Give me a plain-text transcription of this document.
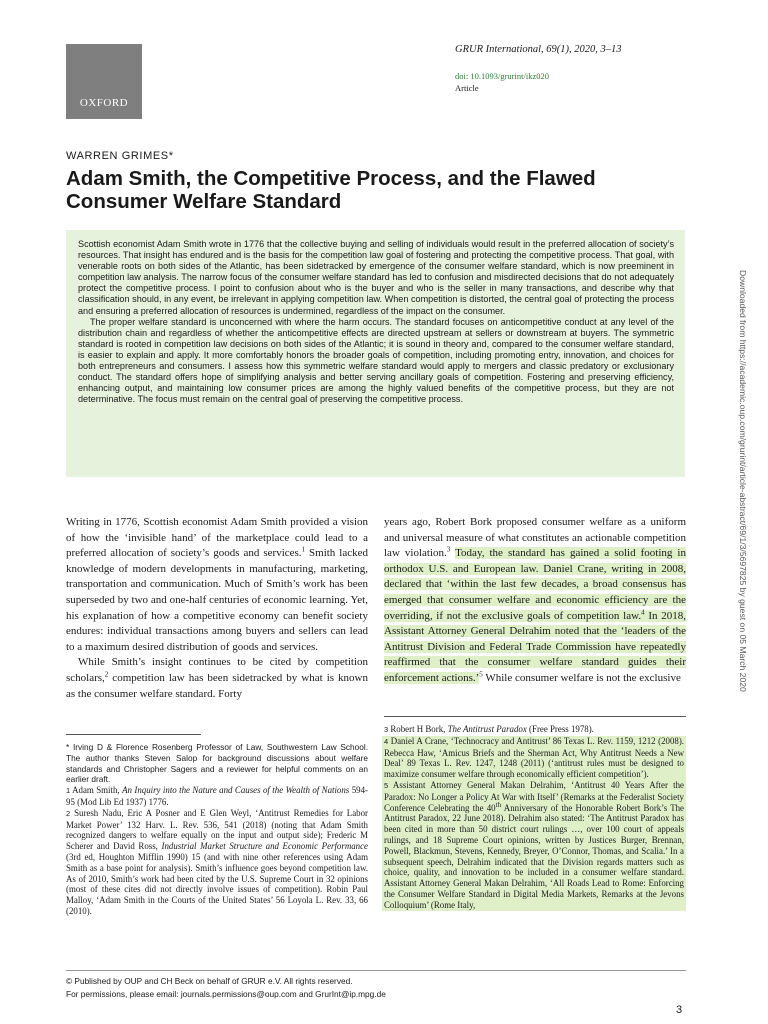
OXFORD
GRUR International, 69(1), 2020, 3–13
doi: 10.1093/grurint/ikz020
Article
WARREN GRIMES*
Adam Smith, the Competitive Process, and the Flawed Consumer Welfare Standard

Scottish economist Adam Smith wrote in 1776 that the collective buying and selling of individuals would result in the preferred allocation of society’s resources. That insight has endured and is the basis for the competition law goal of fostering and protecting the competitive process. That goal, with venerable roots on both sides of the Atlantic, has been sidetracked by emergence of the consumer welfare standard, which is now preeminent in competition law analysis. The narrow focus of the consumer welfare standard has led to confusion and misdirected decisions that do not adequately protect the competitive process. I point to confusion about who is the buyer and who is the seller in many transactions, and describe why that classification should, in any event, be irrelevant in applying competition law. When competition is distorted, the central goal of protecting the process and ensuring a preferred allocation of resources is undermined, regardless of the impact on the consumer.

The proper welfare standard is unconcerned with where the harm occurs. The standard focuses on anticompetitive conduct at any level of the distribution chain and regardless of whether the anticompetitive effects are directed upstream at sellers or downstream at buyers. The symmetric standard is rooted in competition law decisions on both sides of the Atlantic; it is sound in theory and, compared to the consumer welfare standard, is easier to explain and apply. It more comfortably honors the broader goals of competition, including promoting entry, innovation, and choices for both entrepreneurs and consumers. I assess how this symmetric welfare standard would apply to mergers and classic predatory or exclusionary conduct. The standard offers hope of simplifying analysis and better serving ancillary goals of competition. Fostering and preserving efficiency, enhancing output, and maintaining low consumer prices are among the highly valued benefits of the competitive process, but they are not determinative. The focus must remain on the central goal of preserving the competitive process.	Downloaded from https://academic.oup.com/grurint/article-abstract/69/1/3/5697825 by guest on 05 March 2020

Writing in 1776, Scottish economist Adam Smith provided a vision of how the ‘invisible hand’ of the marketplace could lead to a preferred allocation of society’s goods and services.$^1$ Smith lacked knowledge of modern developments in manufacturing, marketing, transportation and communication. Much of Smith’s work has been superseded by two and one-half centuries of economic learning. Yet, his explanation of how a competitive economy can benefit society endures: individual transactions among buyers and sellers can lead to a maximum desired distribution of goods and services.

While Smith’s insight continues to be cited by competition scholars,$^2$ competition law has been sidetracked by what is known as the consumer welfare standard. Forty

years ago, Robert Bork proposed consumer welfare as a uniform and universal measure of what constitutes an actionable competition law violation.$^3$ Today, the standard has gained a solid footing in orthodox U.S. and European law. Daniel Crane, writing in 2008, declared that ‘within the last few decades, a broad consensus has emerged that consumer welfare and economic efficiency are the overriding, if not the exclusive goals of competition law.$^4$ In 2018, Assistant Attorney General Delrahim noted that the ‘leaders of the Antitrust Division and Federal Trade Commission have repeatedly reaffirmed that the consumer welfare standard guides their enforcement actions.’$^5$ While consumer welfare is not the exclusive

* Irving D & Florence Rosenberg Professor of Law, Southwestern Law School. The author thanks Steven Salop for background discussions about welfare standards and Christopher Sagers and a reviewer for helpful comments on an earlier draft.

1 Adam Smith, An Inquiry into the Nature and Causes of the Wealth of Nations 594-95 (Mod Lib Ed 1937) 1776.

2 Suresh Nadu, Eric A Posner and E Glen Weyl, ‘Antitrust Remedies for Labor Market Power’ 132 Harv. L. Rev. 536, 541 (2018) (noting that Adam Smith recognized dangers to welfare equally on the input and output side); Frederic M Scherer and David Ross, Industrial Market Structure and Economic Performance (3rd ed, Houghton Mifflin 1990) 15 (and with nine other references using Adam Smith as a base point for analysis). Smith’s influence goes beyond competition law. As of 2010, Smith’s work had been cited by the U.S. Supreme Court in 32 opinions (most of these cites did not directly involve issues of competition). Robin Paul Malloy, ‘Adam Smith in the Courts of the United States’ 56 Loyola L. Rev. 33, 66 (2010).

3 Robert H Bork, The Antitrust Paradox (Free Press 1978).

4 Daniel A Crane, ‘Technocracy and Antitrust’ 86 Texas L. Rev. 1159, 1212 (2008). Rebecca Haw, ‘Amicus Briefs and the Sherman Act, Why Antitrust Needs a New Deal’ 89 Texas L. Rev. 1247, 1248 (2011) (‘antitrust rules must be designed to maximize consumer welfare through economically efficient competition’).

5 Assistant Attorney General Makan Delrahim, ‘Antitrust 40 Years After the Paradox: No Longer a Policy At War with Itself’ (Remarks at the Federalist Society Conference Celebrating the 40th Anniversary of the Honorable Robert Bork’s The Antitrust Paradox, 22 June 2018). Delrahim also stated: ‘The Antitrust Paradox has been cited in more than 50 district court rulings …, over 100 court of appeals rulings, and 18 Supreme Court opinions, written by Justices Burger, Brennan, Powell, Blackmun, Stevens, Kennedy, Breyer, O’Connor, Thomas, and Scalia.’ In a subsequent speech, Delrahim indicated that the Division regards matters such as choice, quality, and innovation to be included in a consumer welfare standard. Assistant Attorney General Makan Delrahim, ‘All Roads Lead to Rome: Enforcing the Consumer Welfare Standard in Digital Media Markets, Remarks at the Jevons Colloquium’ (Rome Italy,

© Published by OUP and CH Beck on behalf of GRUR e.V. All rights reserved.
For permissions, please email: journals.permissions@oup.com and GrurInt@ip.mpg.de
3
